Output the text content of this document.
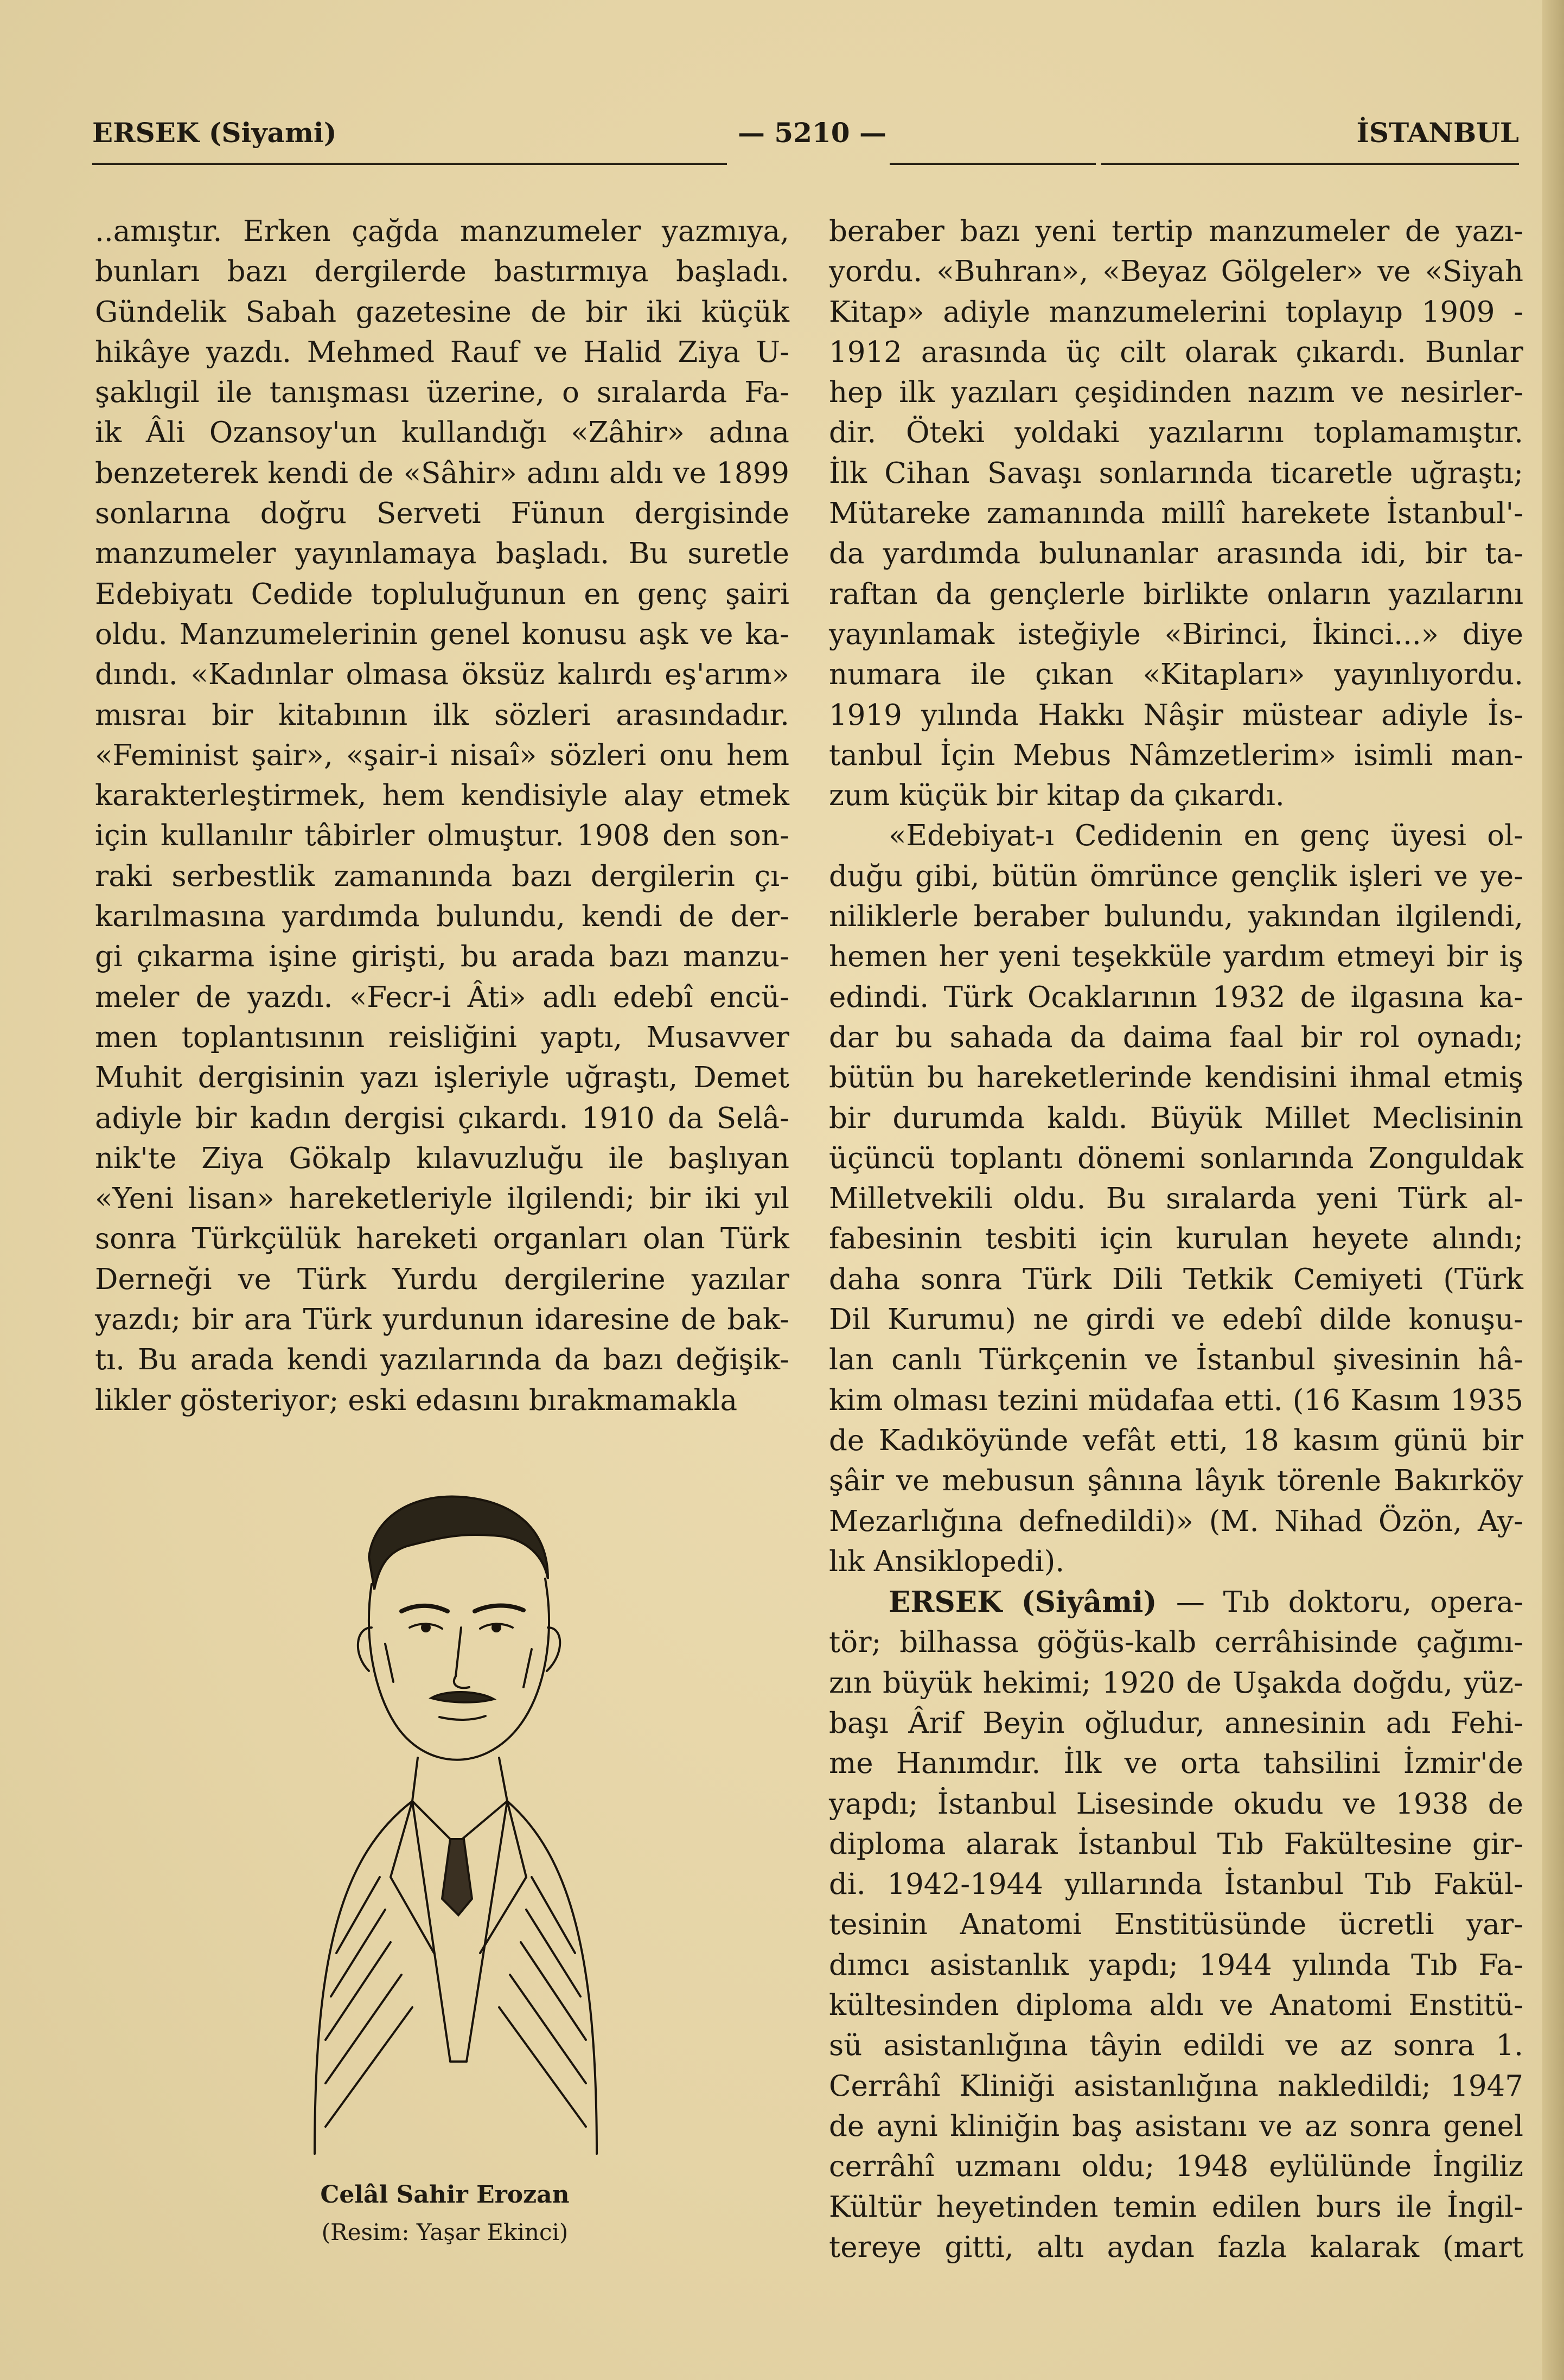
ERSEK (Siyami)	— 5210 —	İSTANBUL
..amıştır. Erken çağda manzumeler yazmıya,
bunları bazı dergilerde bastırmıya başladı.
Gündelik Sabah gazetesine de bir iki küçük
hikâye yazdı. Mehmed Rauf ve Halid Ziya U-
şaklıgil ile tanışması üzerine, o sıralarda Fa-
ik Âli Ozansoy'un kullandığı «Zâhir» adına
benzeterek kendi de «Sâhir» adını aldı ve 1899
sonlarına doğru Serveti Fünun dergisinde
manzumeler yayınlamaya başladı. Bu suretle
Edebiyatı Cedide topluluğunun en genç şairi
oldu. Manzumelerinin genel konusu aşk ve ka-
dındı. «Kadınlar olmasa öksüz kalırdı eş'arım»
mısraı bir kitabının ilk sözleri arasındadır.
«Feminist şair», «şair-i nisaî» sözleri onu hem
karakterleştirmek, hem kendisiyle alay etmek
için kullanılır tâbirler olmuştur. 1908 den son-
raki serbestlik zamanında bazı dergilerin çı-
karılmasına yardımda bulundu, kendi de der-
gi çıkarma işine girişti, bu arada bazı manzu-
meler de yazdı. «Fecr-i Âti» adlı edebî encü-
men toplantısının reisliğini yaptı, Musavver
Muhit dergisinin yazı işleriyle uğraştı, Demet
adiyle bir kadın dergisi çıkardı. 1910 da Selâ-
nik'te Ziya Gökalp kılavuzluğu ile başlıyan
«Yeni lisan» hareketleriyle ilgilendi; bir iki yıl
sonra Türkçülük hareketi organları olan Türk
Derneği ve Türk Yurdu dergilerine yazılar
yazdı; bir ara Türk yurdunun idaresine de bak-
tı. Bu arada kendi yazılarında da bazı değişik-
likler gösteriyor; eski edasını bırakmamakla
beraber bazı yeni tertip manzumeler de yazı-
yordu. «Buhran», «Beyaz Gölgeler» ve «Siyah
Kitap» adiyle manzumelerini toplayıp 1909 -
1912 arasında üç cilt olarak çıkardı. Bunlar
hep ilk yazıları çeşidinden nazım ve nesirler-
dir. Öteki yoldaki yazılarını toplamamıştır.
İlk Cihan Savaşı sonlarında ticaretle uğraştı;
Mütareke zamanında millî harekete İstanbul'-
da yardımda bulunanlar arasında idi, bir ta-
raftan da gençlerle birlikte onların yazılarını
yayınlamak isteğiyle «Birinci, İkinci...» diye
numara ile çıkan «Kitapları» yayınlıyordu.
1919 yılında Hakkı Nâşir müstear adiyle İs-
tanbul İçin Mebus Nâmzetlerim» isimli man-
zum küçük bir kitap da çıkardı.
«Edebiyat-ı Cedidenin en genç üyesi ol-
duğu gibi, bütün ömrünce gençlik işleri ve ye-
niliklerle beraber bulundu, yakından ilgilendi,
hemen her yeni teşekküle yardım etmeyi bir iş
edindi. Türk Ocaklarının 1932 de ilgasına ka-
dar bu sahada da daima faal bir rol oynadı;
bütün bu hareketlerinde kendisini ihmal etmiş
bir durumda kaldı. Büyük Millet Meclisinin
üçüncü toplantı dönemi sonlarında Zonguldak
Milletvekili oldu. Bu sıralarda yeni Türk al-
fabesinin tesbiti için kurulan heyete alındı;
daha sonra Türk Dili Tetkik Cemiyeti (Türk
Dil Kurumu) ne girdi ve edebî dilde konuşu-
lan canlı Türkçenin ve İstanbul şivesinin hâ-
kim olması tezini müdafaa etti. (16 Kasım 1935
de Kadıköyünde vefât etti, 18 kasım günü bir
şâir ve mebusun şânına lâyık törenle Bakırköy
Mezarlığına defnedildi)» (M. Nihad Özön, Ay-
lık Ansiklopedi).
ERSEK (Siyâmi) — Tıb doktoru, opera-
tör; bilhassa göğüs-kalb cerrâhisinde çağımı-
zın büyük hekimi; 1920 de Uşakda doğdu, yüz-
başı Ârif Beyin oğludur, annesinin adı Fehi-
me Hanımdır. İlk ve orta tahsilini İzmir'de
yapdı; İstanbul Lisesinde okudu ve 1938 de
diploma alarak İstanbul Tıb Fakültesine gir-
di. 1942-1944 yıllarında İstanbul Tıb Fakül-
tesinin Anatomi Enstitüsünde ücretli yar-
dımcı asistanlık yapdı; 1944 yılında Tıb Fa-
kültesinden diploma aldı ve Anatomi Enstitü-
sü asistanlığına tâyin edildi ve az sonra 1.
Cerrâhî Kliniği asistanlığına nakledildi; 1947
de ayni kliniğin baş asistanı ve az sonra genel
cerrâhî uzmanı oldu; 1948 eylülünde İngiliz
Kültür heyetinden temin edilen burs ile İngil-
tereye gitti, altı aydan fazla kalarak (mart
Celâl Sahir Erozan
(Resim: Yaşar Ekinci)
